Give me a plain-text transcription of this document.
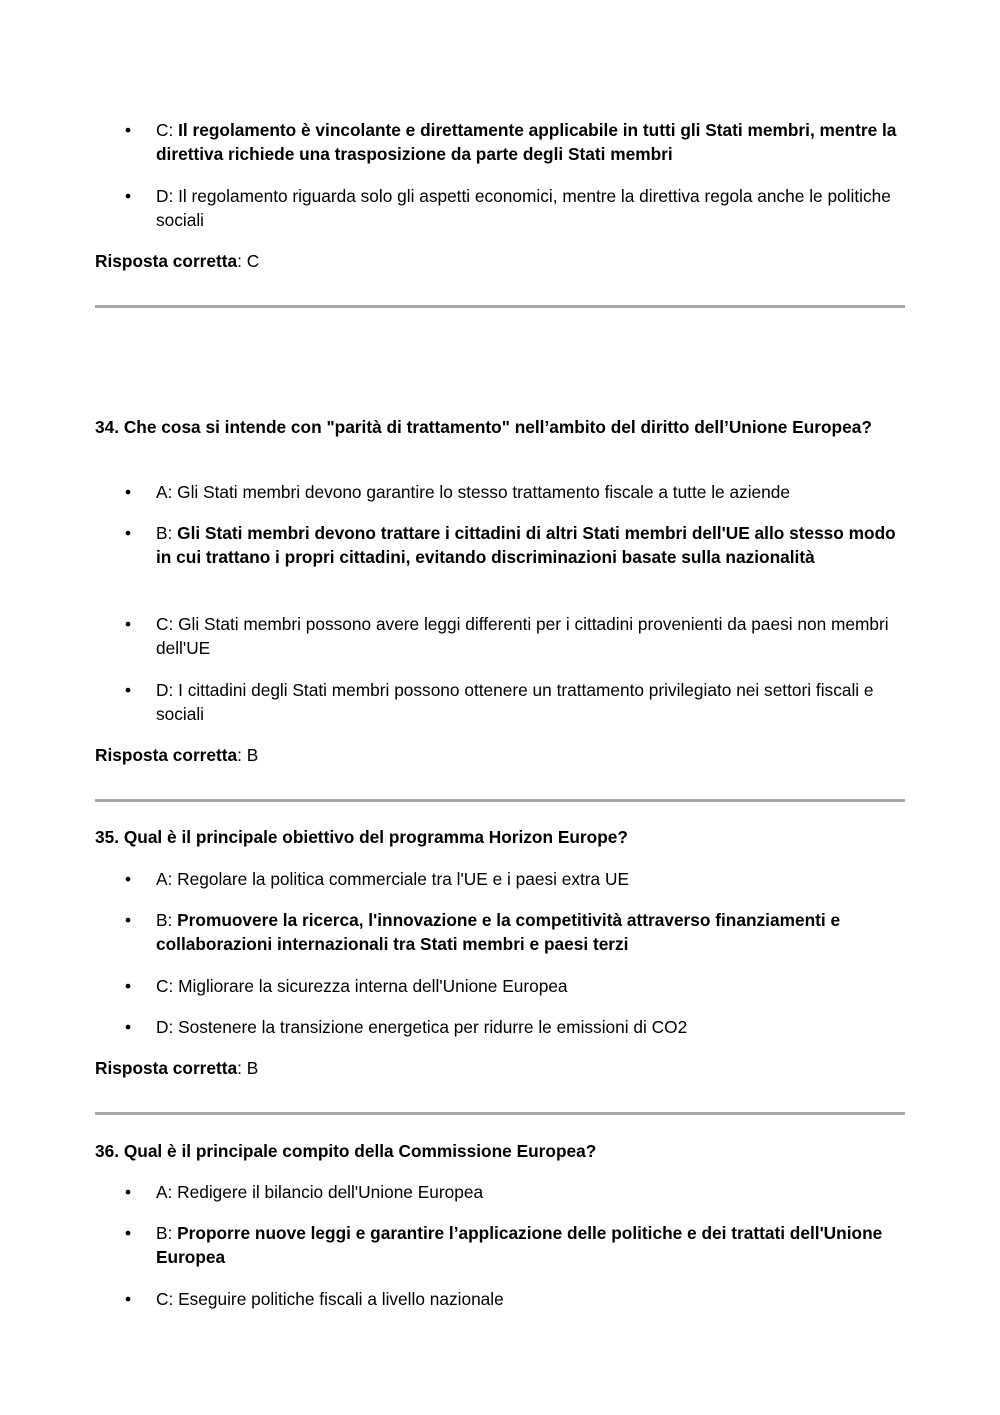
• C: Il regolamento è vincolante e direttamente applicabile in tutti gli Stati membri, mentre la direttiva richiede una trasposizione da parte degli Stati membri
• D: Il regolamento riguarda solo gli aspetti economici, mentre la direttiva regola anche le politiche sociali
Risposta corretta: C
34. Che cosa si intende con "parità di trattamento" nell’ambito del diritto dell’Unione Europea?
• A: Gli Stati membri devono garantire lo stesso trattamento fiscale a tutte le aziende
• B: Gli Stati membri devono trattare i cittadini di altri Stati membri dell'UE allo stesso modo in cui trattano i propri cittadini, evitando discriminazioni basate sulla nazionalità
• C: Gli Stati membri possono avere leggi differenti per i cittadini provenienti da paesi non membri dell'UE
• D: I cittadini degli Stati membri possono ottenere un trattamento privilegiato nei settori fiscali e sociali
Risposta corretta: B
35. Qual è il principale obiettivo del programma Horizon Europe?
• A: Regolare la politica commerciale tra l'UE e i paesi extra UE
• B: Promuovere la ricerca, l'innovazione e la competitività attraverso finanziamenti e collaborazioni internazionali tra Stati membri e paesi terzi
• C: Migliorare la sicurezza interna dell'Unione Europea
• D: Sostenere la transizione energetica per ridurre le emissioni di CO2
Risposta corretta: B
36. Qual è il principale compito della Commissione Europea?
• A: Redigere il bilancio dell'Unione Europea
• B: Proporre nuove leggi e garantire l’applicazione delle politiche e dei trattati dell'Unione Europea
• C: Eseguire politiche fiscali a livello nazionale
